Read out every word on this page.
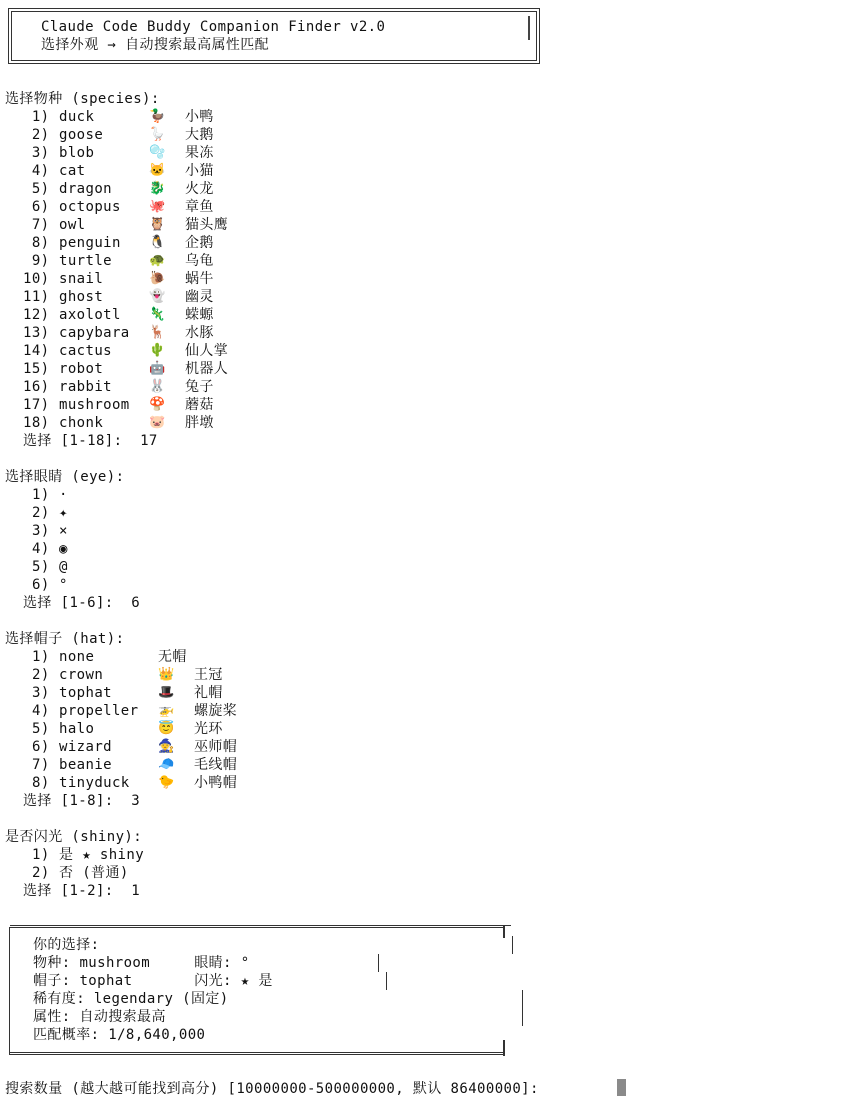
Claude Code Buddy Companion Finder v2.0
选择外观 → 自动搜索最高属性匹配
选择物种 (species):
1) duck	🦆 小鸭
2) goose	🪿 大鹅
3) blob	🫧 果冻
4) cat	🐱 小猫
5) dragon	🐉 火龙
6) octopus 🐙 章鱼
7) owl	🦉 猫头鹰
8) penguin 🐧 企鹅
9) turtle	🐢 乌龟
10) snail	🐌 蜗牛
11) ghost	👻 幽灵
12) axolotl 🦎 蝾螈
13) capybara 🦌 水豚
14) cactus	🌵 仙人掌
15) robot	🤖 机器人
16) rabbit	🐰 兔子
17) mushroom 🍄 蘑菇
18) chonk	🐷 胖墩
选择 [1-18]:  17
选择眼睛 (eye):
1) ·
2) ✦
3) ×
4) ◉
5) @
6) °
选择 [1-6]:  6
选择帽子 (hat):
1) none	无帽
2) crown	👑 王冠
3) tophat	🎩 礼帽
4) propeller 🚁 螺旋桨
5) halo	😇 光环
6) wizard	🧙 巫师帽
7) beanie	🧢 毛线帽
8) tinyduck 🐤 小鸭帽
选择 [1-8]:  3
是否闪光 (shiny):
1) 是 ★ shiny
2) 否 (普通)
选择 [1-2]:  1
你的选择:
物种: mushroom     眼睛: °
帽子: tophat       闪光: ★ 是
稀有度: legendary (固定)
属性: 自动搜索最高
匹配概率: 1/8,640,000
搜索数量 (越大越可能找到高分) [10000000-500000000, 默认 86400000]:
